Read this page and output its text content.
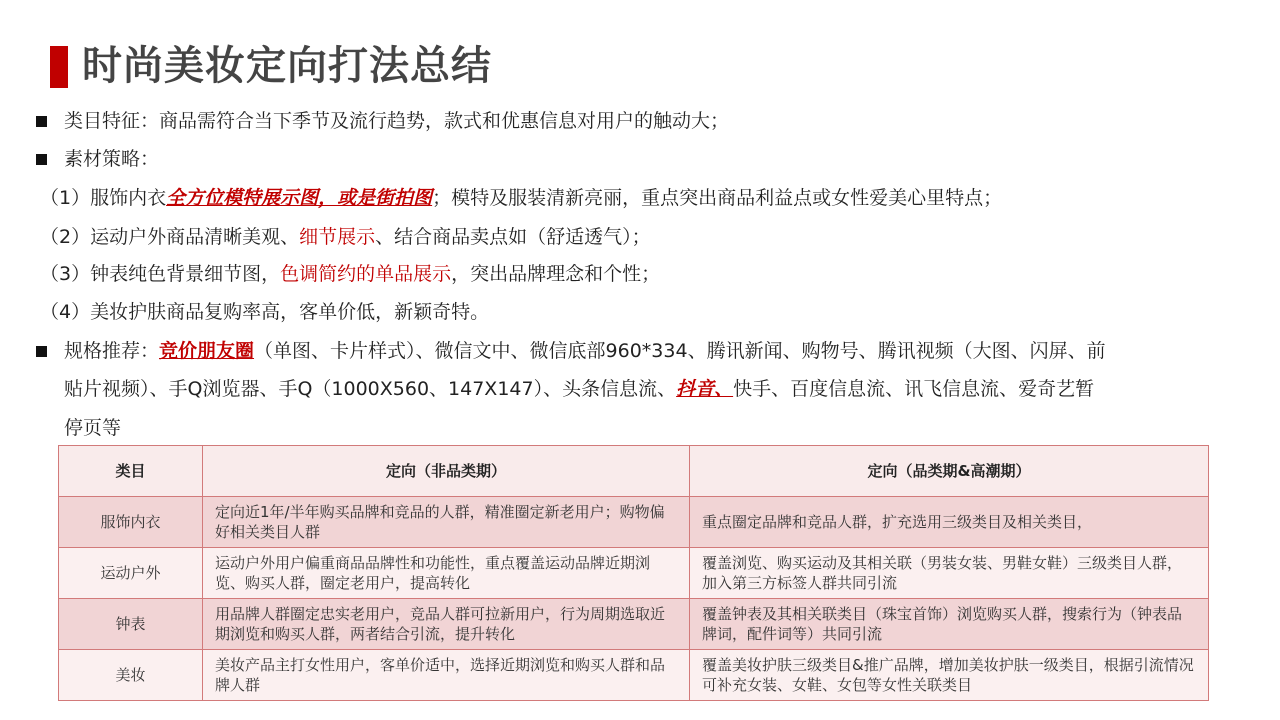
时尚美妆定向打法总结
类目特征：商品需符合当下季节及流行趋势，款式和优惠信息对用户的触动大；
素材策略：
（1）服饰内衣全方位模特展示图，或是街拍图；模特及服装清新亮丽，重点突出商品利益点或女性爱美心里特点；
（2）运动户外商品清晰美观、细节展示、结合商品卖点如（舒适透气）；
（3）钟表纯色背景细节图，色调简约的单品展示，突出品牌理念和个性；
（4）美妆护肤商品复购率高，客单价低，新颖奇特。
规格推荐：竞价朋友圈（单图、卡片样式）、微信文中、微信底部960*334、腾讯新闻、购物号、腾讯视频（大图、闪屏、前
贴片视频）、手Q浏览器、手Q（1000X560、147X147）、头条信息流、抖音、快手、百度信息流、讯飞信息流、爱奇艺暂
停页等
类目	定向（非品类期）	定向（品类期&高潮期）
服饰内衣	定向近1年/半年购买品牌和竞品的人群，精准圈定新老用户；购物偏好相关类目人群	重点圈定品牌和竞品人群，扩充选用三级类目及相关类目，
运动户外	运动户外用户偏重商品品牌性和功能性，重点覆盖运动品牌近期浏览、购买人群，圈定老用户，提高转化	覆盖浏览、购买运动及其相关联（男装女装、男鞋女鞋）三级类目人群，加入第三方标签人群共同引流
钟表	用品牌人群圈定忠实老用户，竞品人群可拉新用户，行为周期选取近期浏览和购买人群，两者结合引流，提升转化	覆盖钟表及其相关联类目（珠宝首饰）浏览购买人群，搜索行为（钟表品牌词，配件词等）共同引流
美妆	美妆产品主打女性用户，客单价适中，选择近期浏览和购买人群和品牌人群	覆盖美妆护肤三级类目&推广品牌，增加美妆护肤一级类目，根据引流情况可补充女装、女鞋、女包等女性关联类目
